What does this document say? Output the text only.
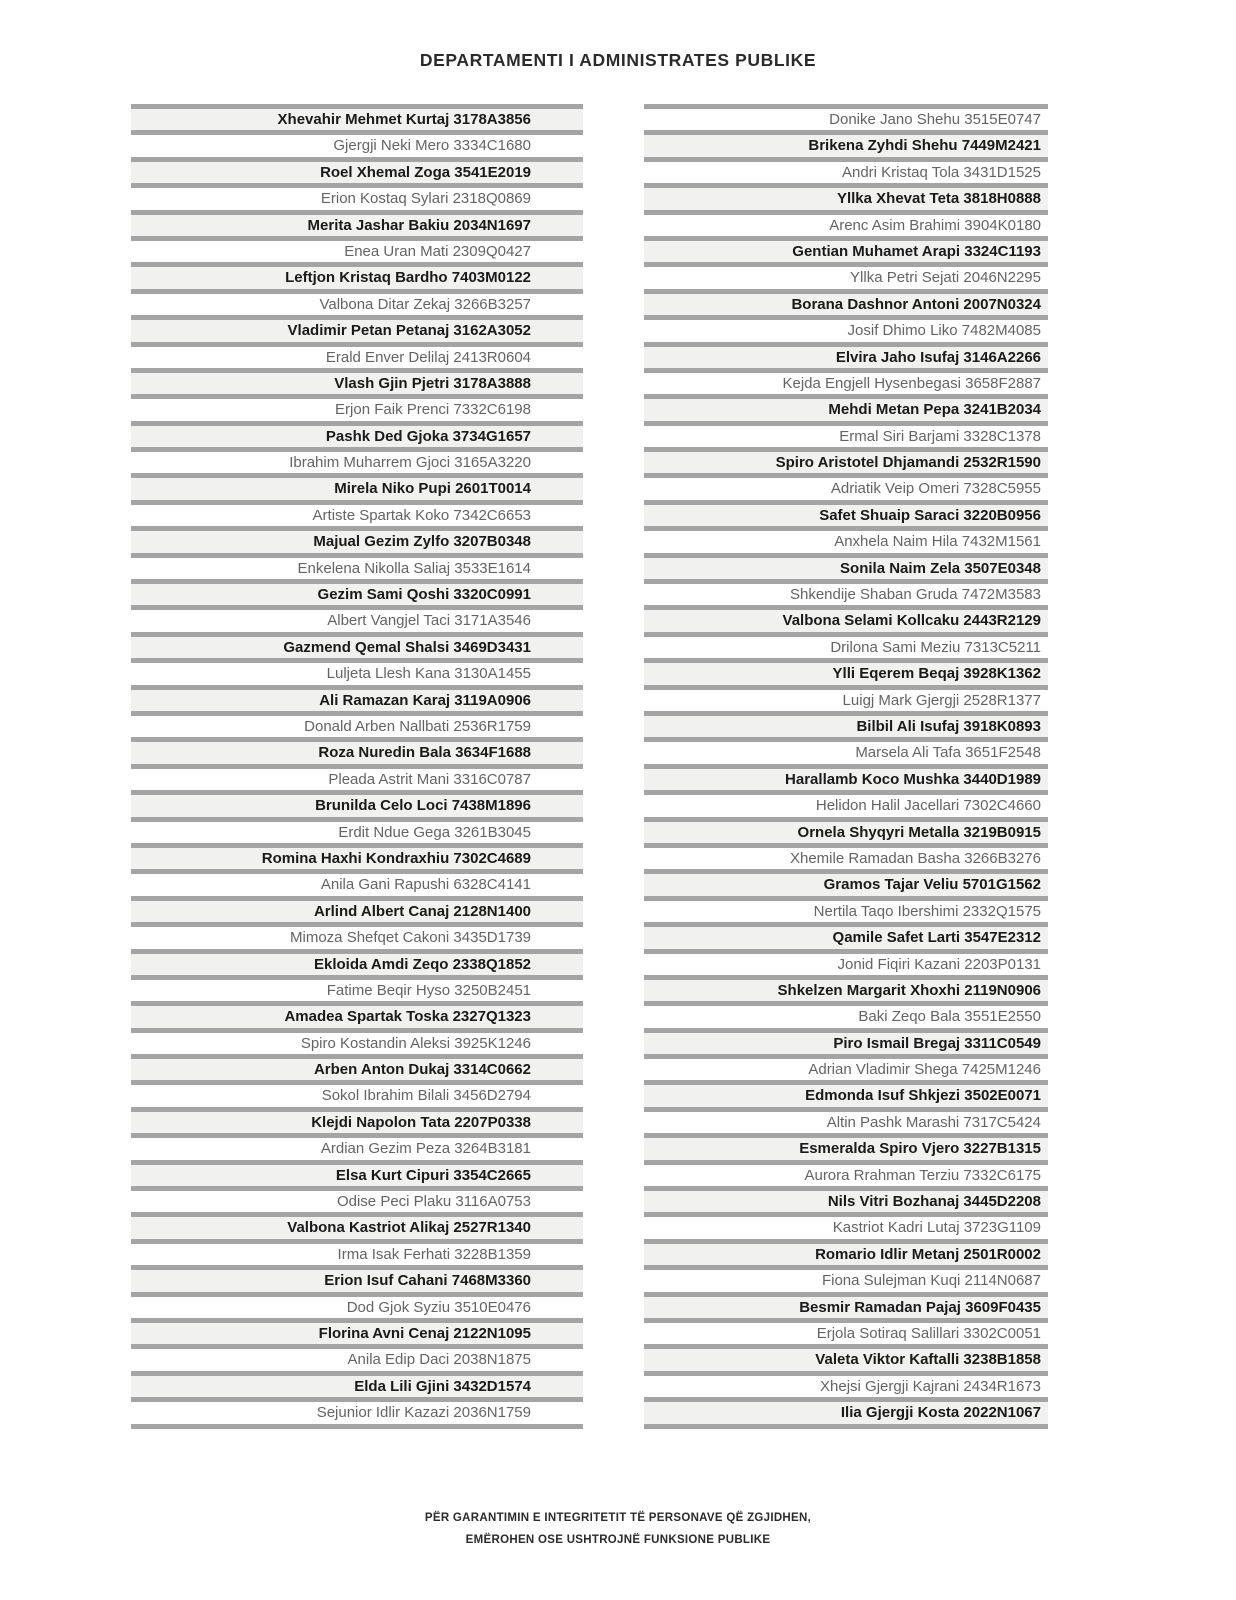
DEPARTAMENTI I ADMINISTRATES PUBLIKE
Xhevahir Mehmet Kurtaj 3178A3856
Gjergji Neki Mero 3334C1680
Roel Xhemal Zoga 3541E2019
Erion Kostaq Sylari 2318Q0869
Merita Jashar Bakiu 2034N1697
Enea Uran Mati 2309Q0427
Leftjon Kristaq Bardho 7403M0122
Valbona Ditar Zekaj 3266B3257
Vladimir Petan Petanaj 3162A3052
Erald Enver Delilaj 2413R0604
Vlash Gjin Pjetri 3178A3888
Erjon Faik Prenci 7332C6198
Pashk Ded Gjoka 3734G1657
Ibrahim Muharrem Gjoci 3165A3220
Mirela Niko Pupi 2601T0014
Artiste Spartak Koko 7342C6653
Majual Gezim Zylfo 3207B0348
Enkelena Nikolla Saliaj 3533E1614
Gezim Sami Qoshi 3320C0991
Albert Vangjel Taci 3171A3546
Gazmend Qemal Shalsi 3469D3431
Luljeta Llesh Kana 3130A1455
Ali Ramazan Karaj 3119A0906
Donald Arben Nallbati 2536R1759
Roza Nuredin Bala 3634F1688
Pleada Astrit Mani 3316C0787
Brunilda Celo Loci 7438M1896
Erdit Ndue Gega 3261B3045
Romina Haxhi Kondraxhiu 7302C4689
Anila Gani Rapushi 6328C4141
Arlind Albert Canaj 2128N1400
Mimoza Shefqet Cakoni 3435D1739
Ekloida Amdi Zeqo 2338Q1852
Fatime Beqir Hyso 3250B2451
Amadea Spartak Toska 2327Q1323
Spiro Kostandin Aleksi 3925K1246
Arben Anton Dukaj 3314C0662
Sokol Ibrahim Bilali 3456D2794
Klejdi Napolon Tata 2207P0338
Ardian Gezim Peza 3264B3181
Elsa Kurt Cipuri 3354C2665
Odise Peci Plaku 3116A0753
Valbona Kastriot Alikaj 2527R1340
Irma Isak Ferhati 3228B1359
Erion Isuf Cahani 7468M3360
Dod Gjok Syziu 3510E0476
Florina Avni Cenaj 2122N1095
Anila Edip Daci 2038N1875
Elda Lili Gjini 3432D1574
Sejunior Idlir Kazazi 2036N1759
Donike Jano Shehu 3515E0747
Brikena Zyhdi Shehu 7449M2421
Andri Kristaq Tola 3431D1525
Yllka Xhevat Teta 3818H0888
Arenc Asim Brahimi 3904K0180
Gentian Muhamet Arapi 3324C1193
Yllka Petri Sejati 2046N2295
Borana Dashnor Antoni 2007N0324
Josif Dhimo Liko 7482M4085
Elvira Jaho Isufaj 3146A2266
Kejda Engjell Hysenbegasi 3658F2887
Mehdi Metan Pepa 3241B2034
Ermal Siri Barjami 3328C1378
Spiro Aristotel Dhjamandi 2532R1590
Adriatik Veip Omeri 7328C5955
Safet Shuaip Saraci 3220B0956
Anxhela Naim Hila 7432M1561
Sonila Naim Zela 3507E0348
Shkendije Shaban Gruda 7472M3583
Valbona Selami Kollcaku 2443R2129
Drilona Sami Meziu 7313C5211
Ylli Eqerem Beqaj 3928K1362
Luigj Mark Gjergji 2528R1377
Bilbil Ali Isufaj 3918K0893
Marsela Ali Tafa 3651F2548
Harallamb Koco Mushka 3440D1989
Helidon Halil Jacellari 7302C4660
Ornela Shyqyri Metalla 3219B0915
Xhemile Ramadan Basha 3266B3276
Gramos Tajar Veliu 5701G1562
Nertila Taqo Ibershimi 2332Q1575
Qamile Safet Larti 3547E2312
Jonid Fiqiri Kazani 2203P0131
Shkelzen Margarit Xhoxhi 2119N0906
Baki Zeqo Bala 3551E2550
Piro Ismail Bregaj 3311C0549
Adrian Vladimir Shega 7425M1246
Edmonda Isuf Shkjezi 3502E0071
Altin Pashk Marashi 7317C5424
Esmeralda Spiro Vjero 3227B1315
Aurora Rrahman Terziu 7332C6175
Nils Vitri Bozhanaj 3445D2208
Kastriot Kadri Lutaj 3723G1109
Romario Idlir Metanj 2501R0002
Fiona Sulejman Kuqi 2114N0687
Besmir Ramadan Pajaj 3609F0435
Erjola Sotiraq Salillari 3302C0051
Valeta Viktor Kaftalli 3238B1858
Xhejsi Gjergji Kajrani 2434R1673
Ilia Gjergji Kosta 2022N1067
PËR GARANTIMIN E INTEGRITETIT TË PERSONAVE QË ZGJIDHEN,
EMËROHEN OSE USHTROJNË FUNKSIONE PUBLIKE
